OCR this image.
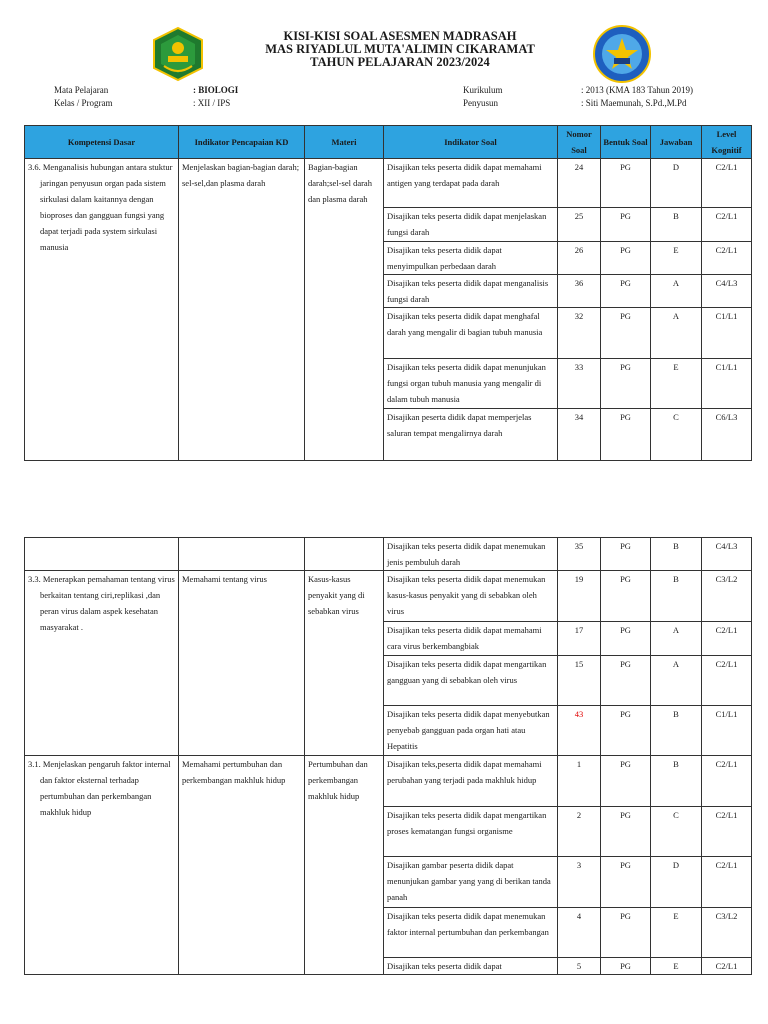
KISI-KISI SOAL ASESMEN MADRASAH
MAS RIYADLUL MUTA'ALIMIN CIKARAMAT
TAHUN PELAJARAN 2023/2024
Mata Pelajaran	: BIOLOGI
Kelas / Program	: XII / IPS
Kurikulum	: 2013 (KMA 183 Tahun 2019)
Penyusun	: Siti Maemunah, S.Pd.,M.Pd
Kompetensi Dasar	Indikator Pencapaian KD	Materi	Indikator Soal	Nomor Soal	Bentuk Soal	Jawaban	Level Kognitif

3.6. Menganalisis hubungan antara stuktur jaringan penyusun organ pada sistem sirkulasi dalam kaitannya dengan bioproses dan gangguan fungsi yang dapat terjadi pada system sirkulasi manusia	Menjelaskan bagian-bagian darah; sel-sel,dan plasma darah	Bagian-bagian darah;sel-sel darah dan plasma darah	Disajikan teks peserta didik dapat memahami antigen yang terdapat pada darah	24	PG	D	C2/L1
			Disajikan teks peserta didik dapat menjelaskan fungsi darah	25	PG	B	C2/L1
			Disajikan teks peserta didik dapat menyimpulkan perbedaan darah	26	PG	E	C2/L1
			Disajikan teks peserta didik dapat menganalisis fungsi darah	36	PG	A	C4/L3
			Disajikan teks peserta didik dapat menghafal darah yang mengalir di bagian tubuh manusia	32	PG	A	C1/L1
			Disajikan teks peserta didik dapat menunjukan fungsi organ tubuh manusia yang mengalir di dalam tubuh manusia	33	PG	E	C1/L1
			Disajikan peserta didik dapat memperjelas saluran tempat mengalirnya darah	34	PG	C	C6/L3
			Disajikan teks peserta didik dapat menemukan jenis pembuluh darah	35	PG	B	C4/L3

3.3. Menerapkan pemahaman tentang virus berkaitan tentang ciri,replikasi ,dan peran virus dalam aspek kesehatan masyarakat .	Memahami tentang virus	Kasus-kasus penyakit yang di sebabkan virus	Disajikan teks peserta didik dapat menemukan kasus-kasus penyakit yang di sebabkan oleh virus	19	PG	B	C3/L2
			Disajikan teks peserta didik dapat memahami cara virus berkembangbiak	17	PG	A	C2/L1
			Disajikan teks peserta didik dapat mengartikan gangguan yang di sebabkan oleh virus	15	PG	A	C2/L1
			Disajikan teks peserta didik dapat menyebutkan penyebab gangguan pada organ hati atau Hepatitis	43	PG	B	C1/L1

3.1. Menjelaskan pengaruh faktor internal dan faktor eksternal terhadap pertumbuhan dan perkembangan makhluk hidup	Memahami pertumbuhan dan perkembangan makhluk hidup	Pertumbuhan dan perkembangan makhluk hidup	Disajikan teks,peserta didik dapat memahami perubahan yang terjadi pada makhluk hidup	1	PG	B	C2/L1
			Disajikan teks peserta didik dapat mengartikan proses kematangan fungsi organisme	2	PG	C	C2/L1
			Disajikan gambar peserta didik dapat menunjukan gambar yang yang di berikan tanda panah	3	PG	D	C2/L1
			Disajikan teks peserta didik dapat menemukan faktor internal pertumbuhan dan perkembangan	4	PG	E	C3/L2
			Disajikan teks peserta didik dapat	5	PG	E	C2/L1
